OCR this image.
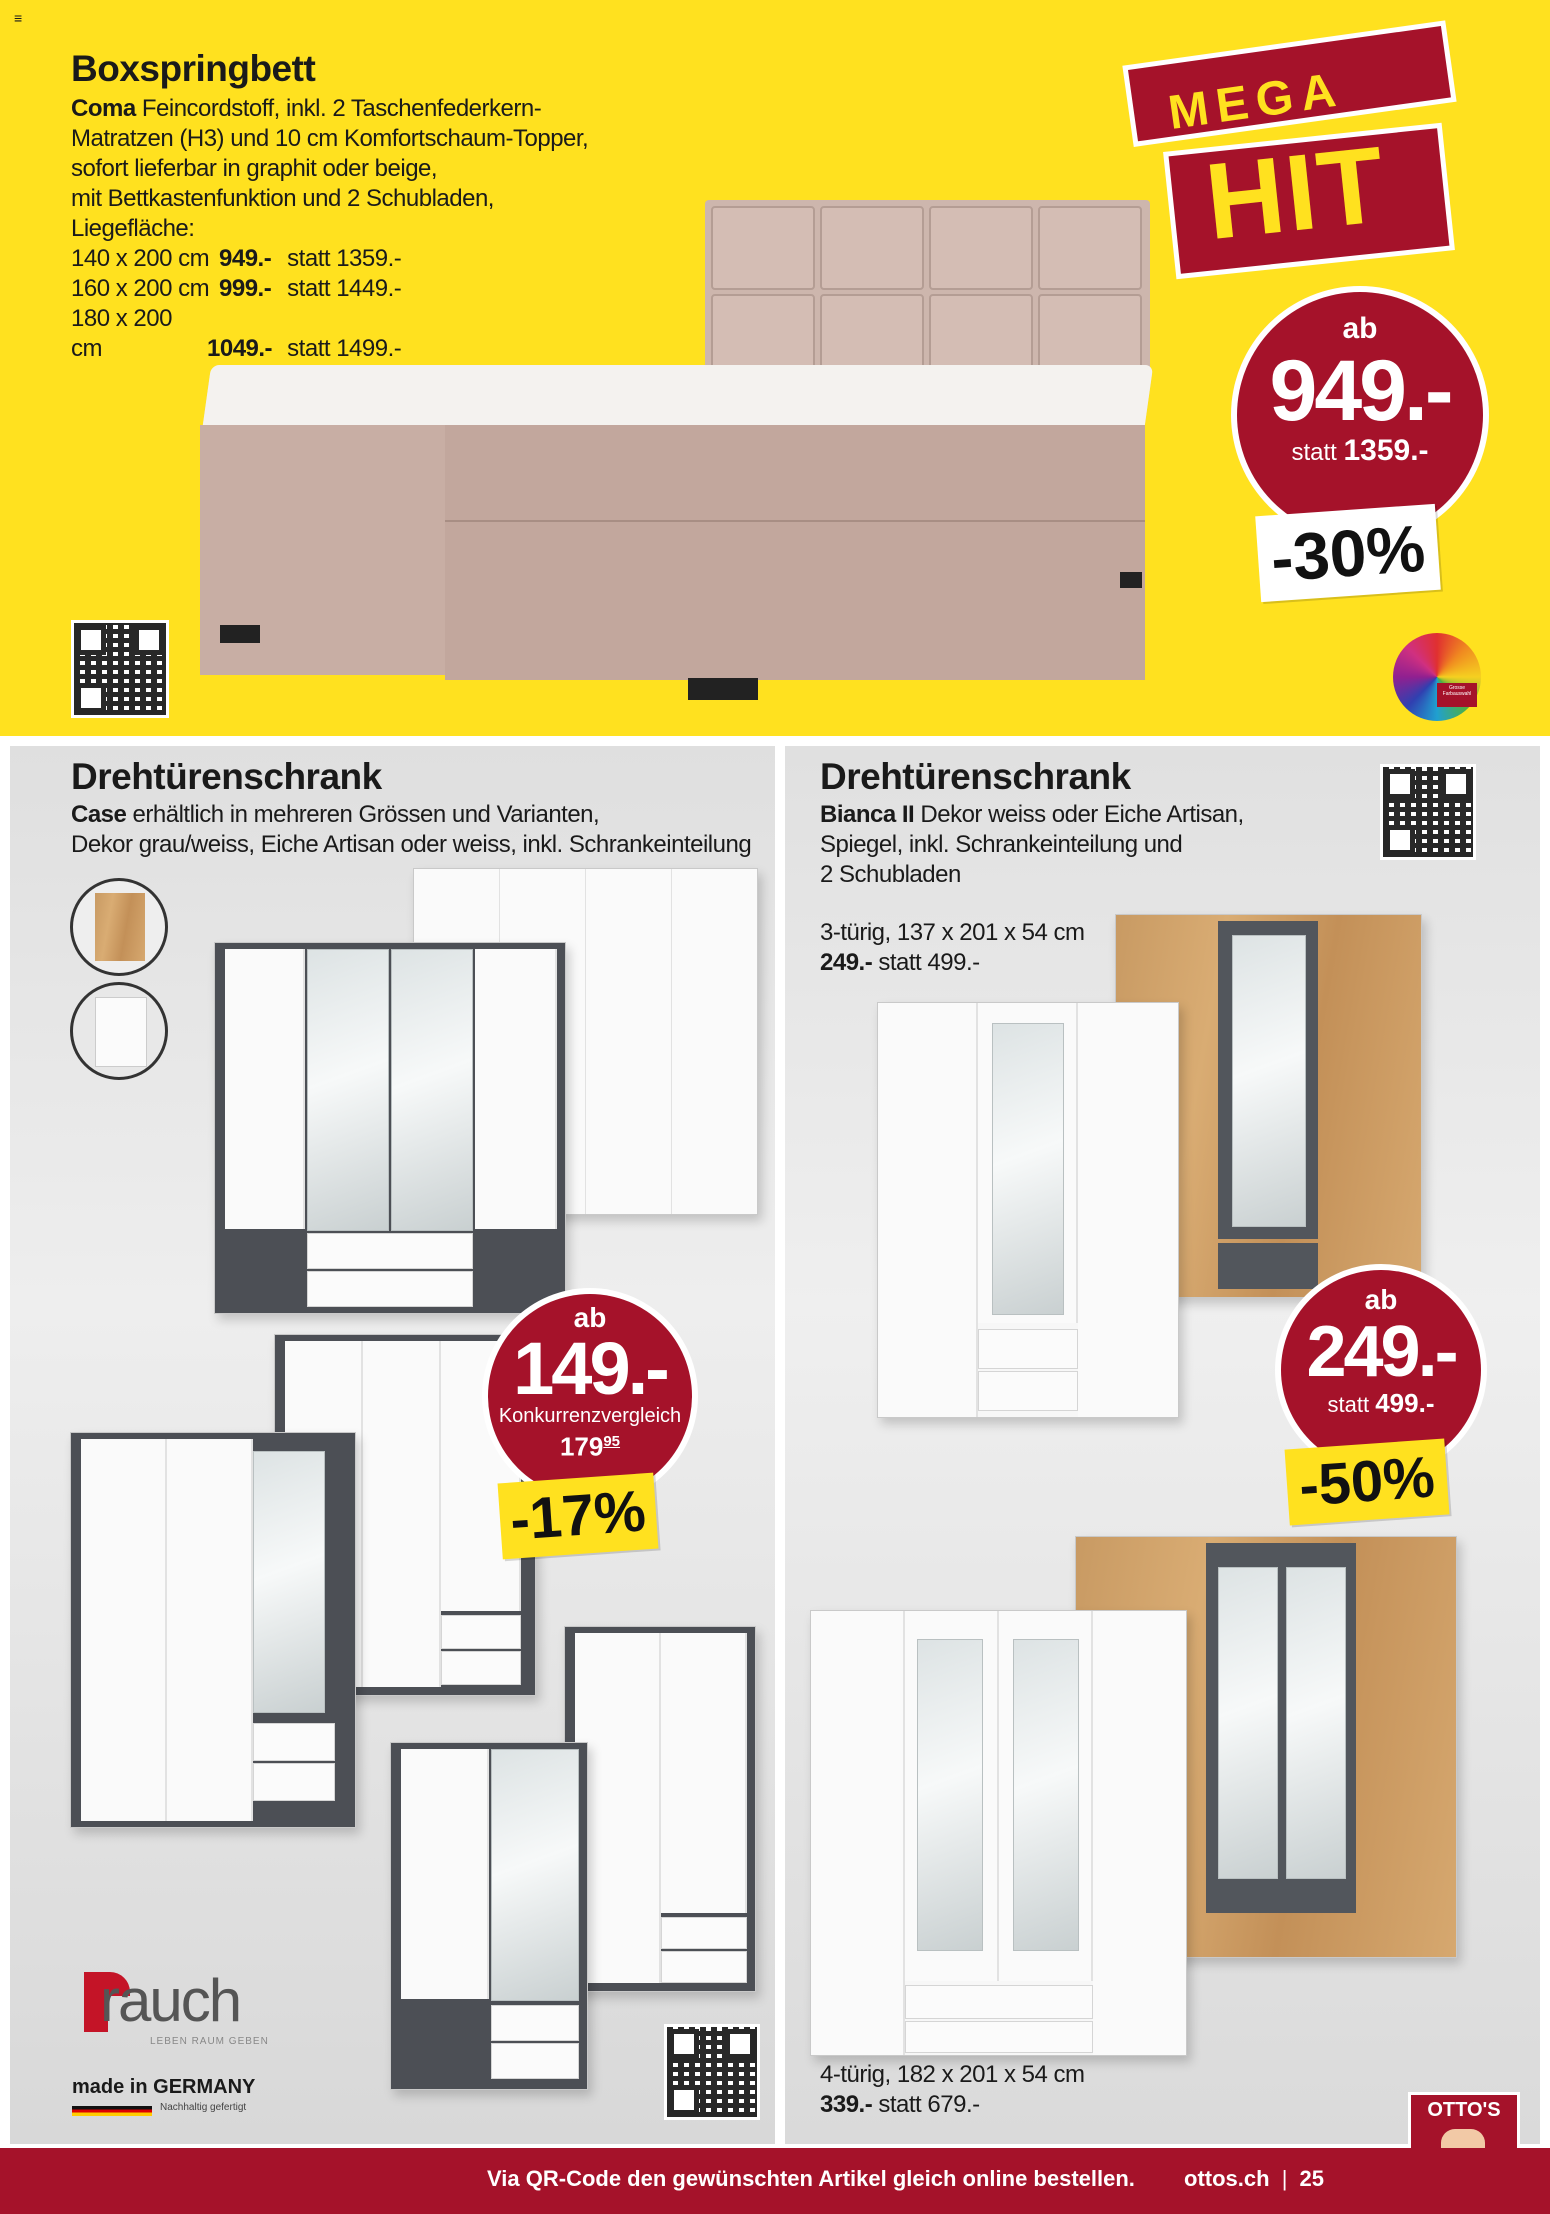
≡
Boxspringbett
Coma Feincordstoff, inkl. 2 Taschenfederkern-
Matratzen (H3) und 10 cm Komfortschaum-Topper,
sofort lieferbar in graphit oder beige,
mit Bettkastenfunktion und 2 Schubladen,
Liegefläche:
140 x 200 cm 949.- statt 1359.-
160 x 200 cm 999.- statt 1449.-
180 x 200 cm	1049.- statt 1499.-
MEGA
HIT
ab
949.-
statt 1359.-
-30%
Grosse Farbauswahl
Drehtürenschrank
Case erhältlich in mehreren Grössen und Varianten,
Dekor grau/weiss, Eiche Artisan oder weiss, inkl. Schrankeinteilung
ab
149.-
Konkurrenzvergleich
$179^{95}$
-17%
rauch
LEBEN RAUM GEBEN
made in GERMANY
Nachhaltig gefertigt
Drehtürenschrank
Bianca II Dekor weiss oder Eiche Artisan,
Spiegel, inkl. Schrankeinteilung und
2 Schubladen
3-türig, 137 x 201 x 54 cm
249.- statt 499.-
ab
249.-
statt 499.-
-50%
4-türig, 182 x 201 x 54 cm
339.- statt 679.-	OTTO'S
Via QR-Code den gewünschten Artikel gleich online bestellen. ottos.ch | 25
